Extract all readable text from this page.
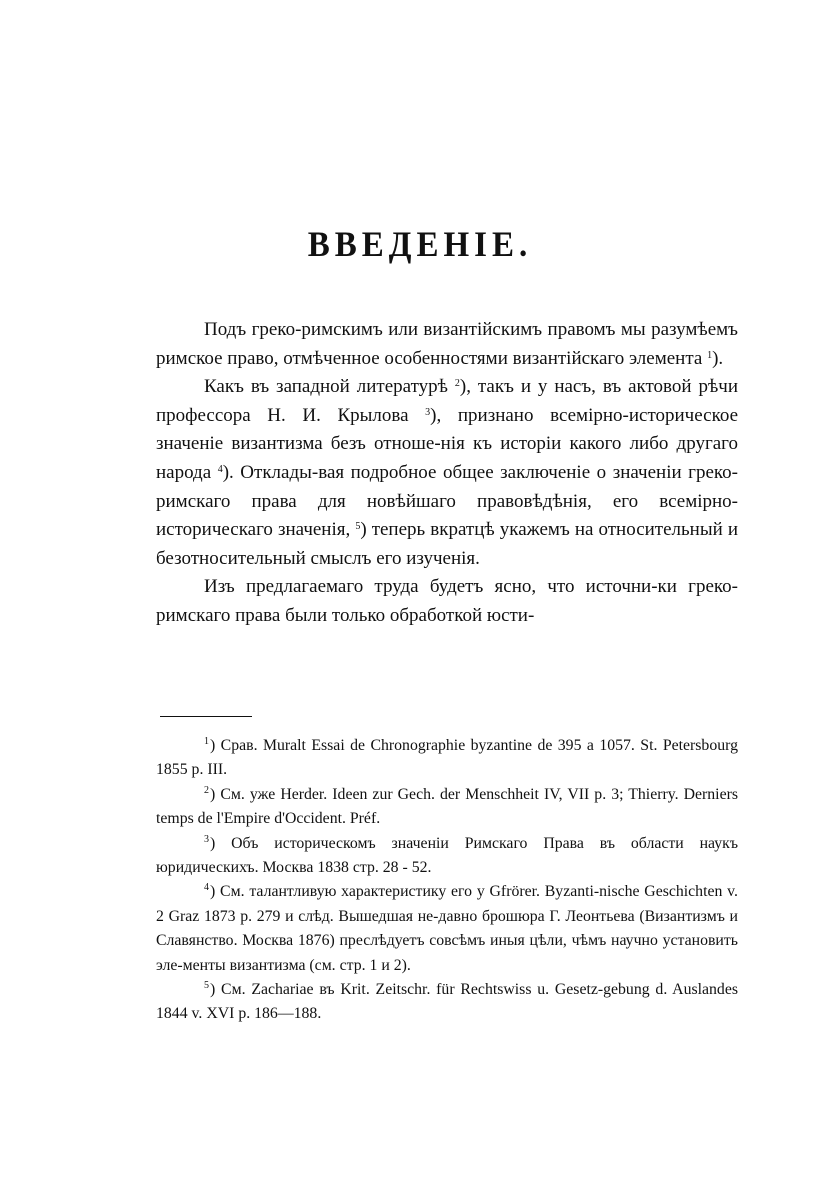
ВВЕДЕНІЕ.

Подъ греко-римскимъ или византійскимъ правомъ мы разумѣемъ римское право, отмѣченное особенностями византійскаго элемента $^1$).

Какъ въ западной литературѣ $^2$), такъ и у насъ, въ актовой рѣчи профессора Н. И. Крылова $^3$), признано всемірно-историческое значеніе византизма безъ отноше-нія къ исторіи какого либо другаго народа $^4$). Отклады-вая подробное общее заключеніе о значеніи греко-римскаго права для новѣйшаго правовѣдѣнія, его всемірно-историческаго значенія, $^5$) теперь вкратцѣ укажемъ на относительный и безотносительный смыслъ его изученія.

Изъ предлагаемаго труда будетъ ясно, что источни-ки греко-римскаго права были только обработкой юсти-

$^1$) Срав. Muralt Essai de Chronographie byzantine de 395 a 1057. St. Petersbourg 1855 p. III.

$^2$) См. уже Herder. Ideen zur Gech. der Menschheit IV, VII p. 3; Thierry. Derniers temps de l'Empire d'Occident. Préf.

$^3$) Объ историческомъ значеніи Римскаго Права въ области наукъ юридическихъ. Москва 1838 стр. 28 - 52.

$^4$) См. талантливую характеристику его у Gfrörer. Byzanti-nische Geschichten v. 2 Graz 1873 p. 279 и слѣд. Вышедшая не-давно брошюра Г. Леонтьева (Византизмъ и Славянство. Москва 1876) преслѣдуетъ совсѣмъ иныя цѣли, чѣмъ научно установить эле-менты византизма (см. стр. 1 и 2).

$^5$) См. Zachariae въ Krit. Zeitschr. für Rechtswiss u. Gesetz-gebung d. Auslandes 1844 v. XVI p. 186—188.
